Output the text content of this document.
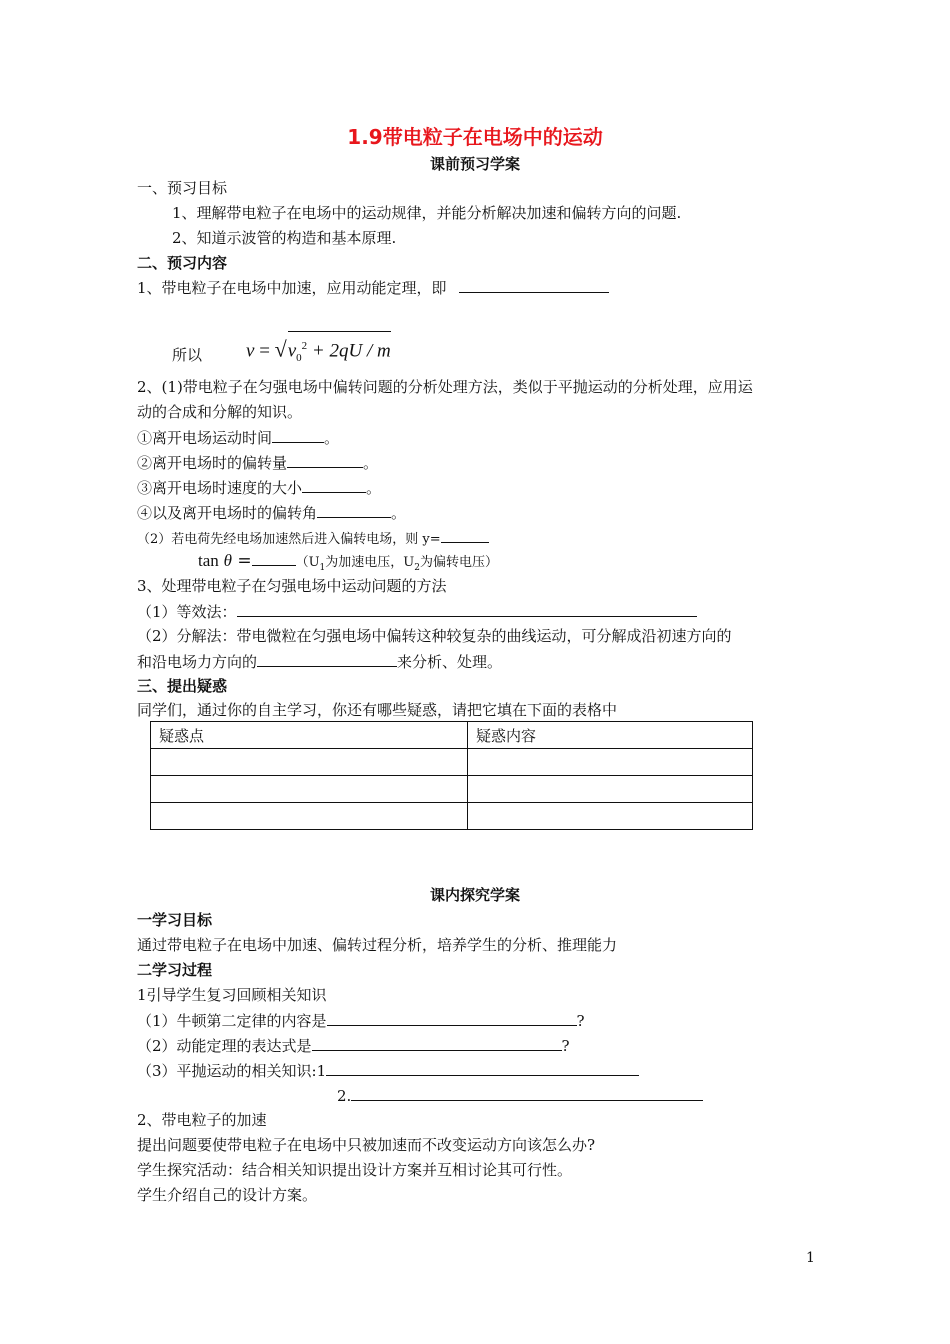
1.9带电粒子在电场中的运动
课前预习学案
一、预习目标
1、理解带电粒子在电场中的运动规律，并能分析解决加速和偏转方向的问题.
2、知道示波管的构造和基本原理.
二、预习内容
1、带电粒子在电场中加速，应用动能定理，即
所以 $v = √v_0^2 + 2qU / m$
2、(1)带电粒子在匀强电场中偏转问题的分析处理方法，类似于平抛运动的分析处理，应用运
动的合成和分解的知识。
①离开电场运动时间	。
②离开电场时的偏转量	。
③离开电场时速度的大小	。
④以及离开电场时的偏转角	。
（2）若电荷先经电场加速然后进入偏转电场，则 y=
tan θ =	（$U_1$为加速电压，$U_2$为偏转电压）
3、处理带电粒子在匀强电场中运动问题的方法
（1）等效法：
（2）分解法：带电微粒在匀强电场中偏转这种较复杂的曲线运动，可分解成沿初速方向的
和沿电场力方向的	来分析、处理。
三、提出疑惑
同学们，通过你的自主学习，你还有哪些疑惑，请把它填在下面的表格中
疑惑点	疑惑内容

课内探究学案
一学习目标
通过带电粒子在电场中加速、偏转过程分析，培养学生的分析、推理能力
二学习过程
1引导学生复习回顾相关知识
（1）牛顿第二定律的内容是	?
（2）动能定理的表达式是	?
（3）平抛运动的相关知识:1
2.
2、带电粒子的加速
提出问题要使带电粒子在电场中只被加速而不改变运动方向该怎么办?
学生探究活动：结合相关知识提出设计方案并互相讨论其可行性。
学生介绍自己的设计方案。
1
